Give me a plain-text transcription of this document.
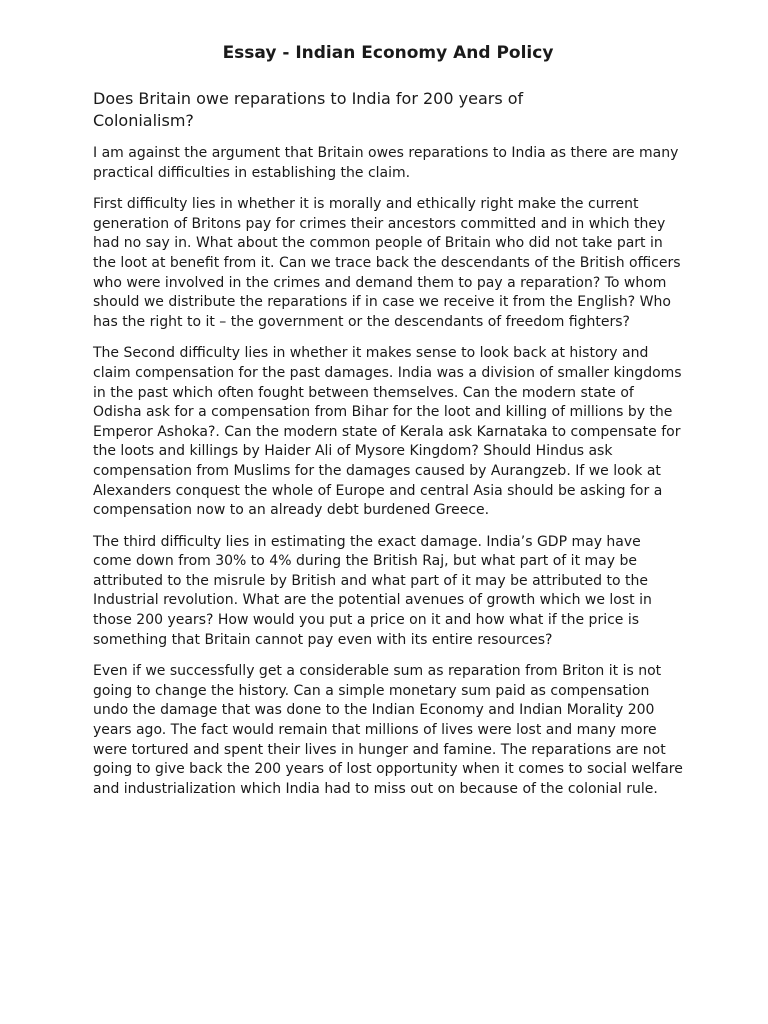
Essay - Indian Economy And Policy
Does Britain owe reparations to India for 200 years of Colonialism?

I am against the argument that Britain owes reparations to India as there are many practical difficulties in establishing the claim.

First difficulty lies in whether it is morally and ethically right make the current generation of Britons pay for crimes their ancestors committed and in which they had no say in. What about the common people of Britain who did not take part in the loot at benefit from it. Can we trace back the descendants of the British officers who were involved in the crimes and demand them to pay a reparation? To whom should we distribute the reparations if in case we receive it from the English? Who has the right to it – the government or the descendants of freedom fighters?

The Second difficulty lies in whether it makes sense to look back at history and claim compensation for the past damages. India was a division of smaller kingdoms in the past which often fought between themselves. Can the modern state of Odisha ask for a compensation from Bihar for the loot and killing of millions by the Emperor Ashoka?. Can the modern state of Kerala ask Karnataka to compensate for the loots and killings by Haider Ali of Mysore Kingdom? Should Hindus ask compensation from Muslims for the damages caused by Aurangzeb. If we look at Alexanders conquest the whole of Europe and central Asia should be asking for a compensation now to an already debt burdened Greece.

The third difficulty lies in estimating the exact damage. India’s GDP may have come down from 30% to 4% during the British Raj, but what part of it may be attributed to the misrule by British and what part of it may be attributed to the Industrial revolution. What are the potential avenues of growth which we lost in those 200 years? How would you put a price on it and how what if the price is something that Britain cannot pay even with its entire resources?

Even if we successfully get a considerable sum as reparation from Briton it is not going to change the history. Can a simple monetary sum paid as compensation undo the damage that was done to the Indian Economy and Indian Morality 200 years ago. The fact would remain that millions of lives were lost and many more were tortured and spent their lives in hunger and famine. The reparations are not going to give back the 200 years of lost opportunity when it comes to social welfare and industrialization which India had to miss out on because of the colonial rule.
